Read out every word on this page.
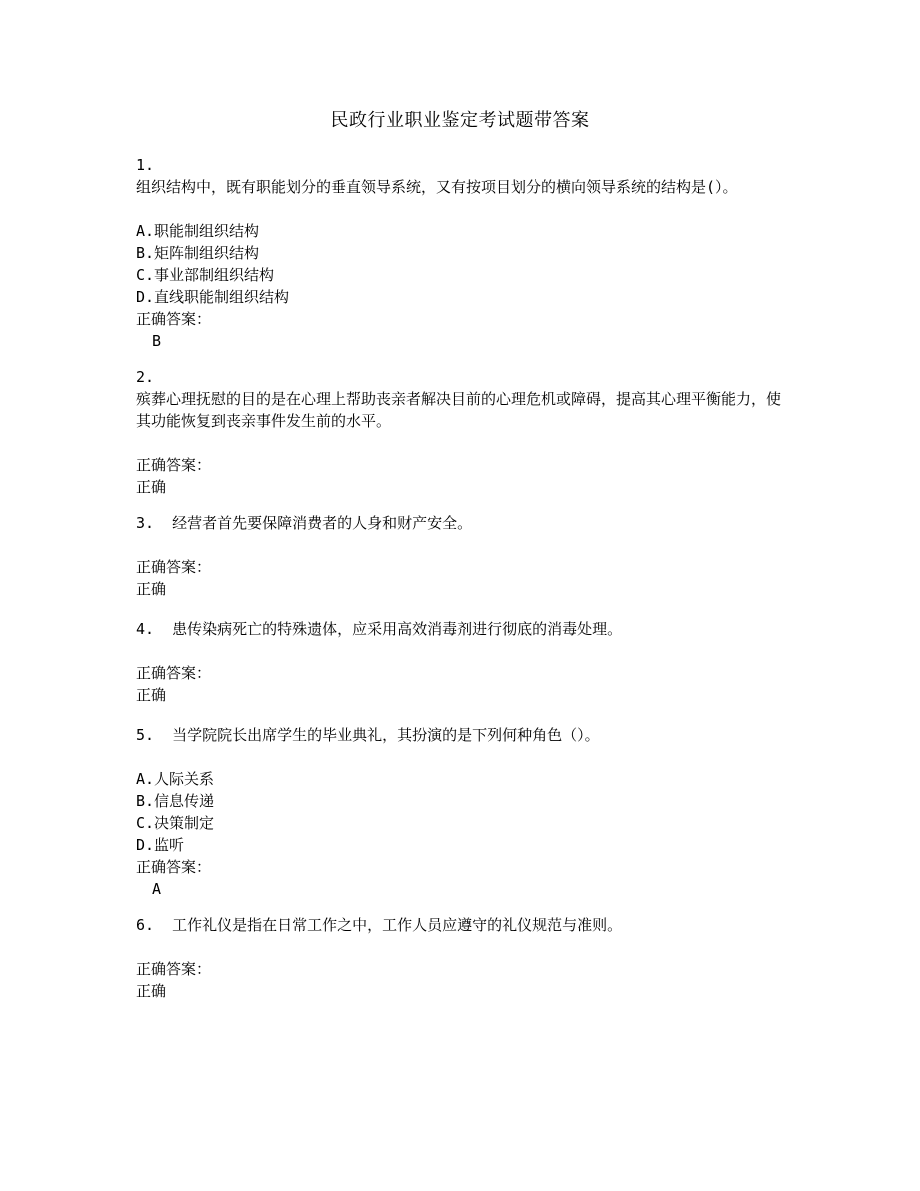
民政行业职业鉴定考试题带答案
1.
组织结构中，既有职能划分的垂直领导系统，又有按项目划分的横向领导系统的结构是(）。
A.职能制组织结构
B.矩阵制组织结构
C.事业部制组织结构
D.直线职能制组织结构
正确答案：
B
2.
殡葬心理抚慰的目的是在心理上帮助丧亲者解决目前的心理危机或障碍，提高其心理平衡能力，使其功能恢复到丧亲事件发生前的水平。
正确答案：
正确
3. 经营者首先要保障消费者的人身和财产安全。
正确答案：
正确
4. 患传染病死亡的特殊遗体，应采用高效消毒剂进行彻底的消毒处理。
正确答案：
正确
5. 当学院院长出席学生的毕业典礼，其扮演的是下列何种角色（）。
A.人际关系
B.信息传递
C.决策制定
D.监听
正确答案：
A
6. 工作礼仪是指在日常工作之中，工作人员应遵守的礼仪规范与准则。
正确答案：
正确
